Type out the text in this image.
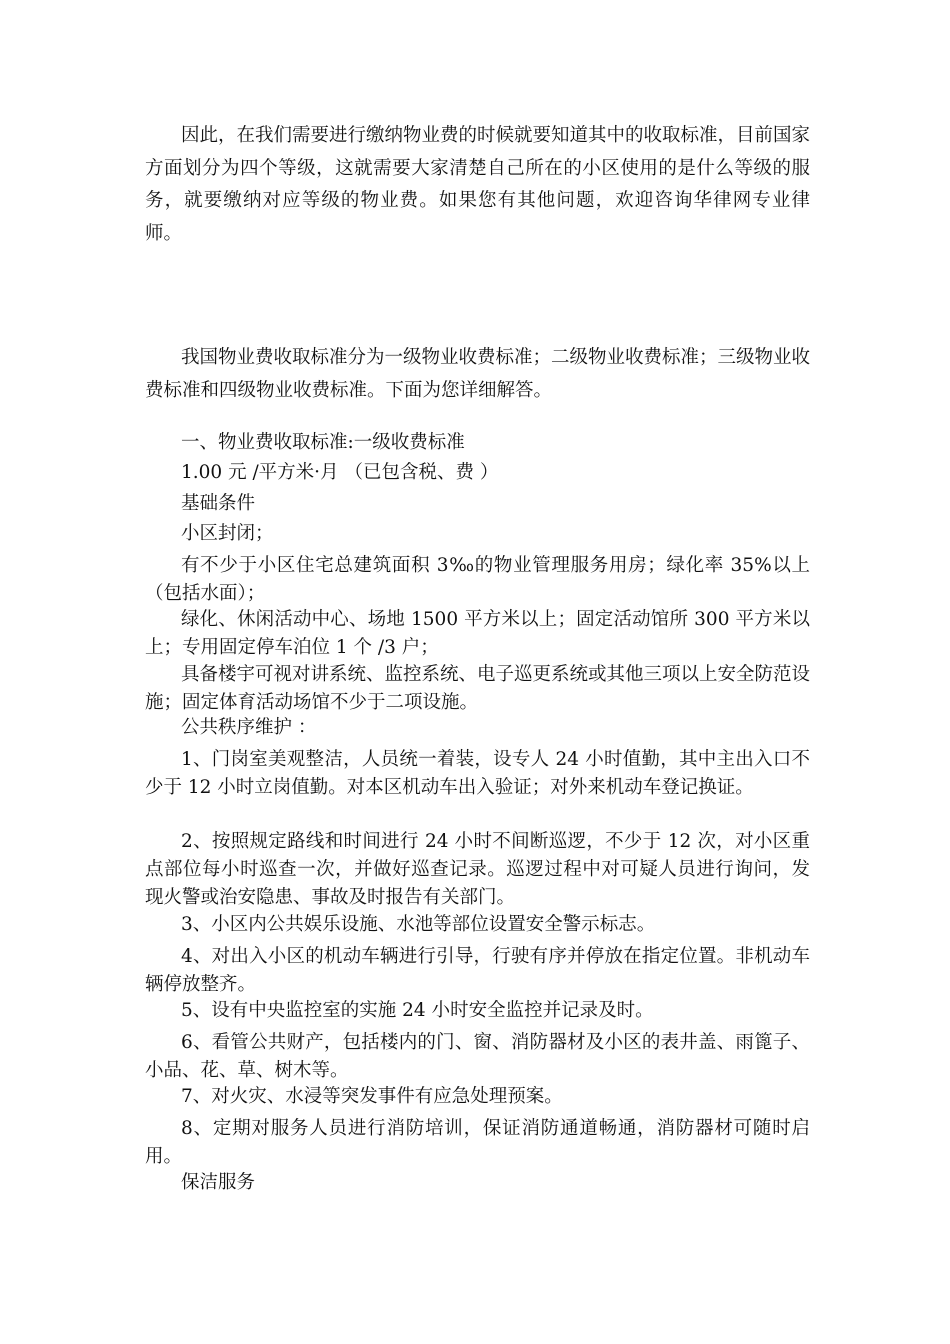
因此，在我们需要进行缴纳物业费的时候就要知道其中的收取标准，目前国家方面划分为四个等级，这就需要大家清楚自己所在的小区使用的是什么等级的服务，就要缴纳对应等级的物业费。如果您有其他问题，欢迎咨询华律网专业律师。

我国物业费收取标准分为一级物业收费标准；二级物业收费标准；三级物业收费标准和四级物业收费标准。下面为您详细解答。

一、物业费收取标准:一级收费标准

1.00 元 /平方米·月 （已包含税、费 ）

基础条件

小区封闭；

有不少于小区住宅总建筑面积 3‰的物业管理服务用房；绿化率 35%以上（包括水面）；

绿化、休闲活动中心、场地 1500 平方米以上；固定活动馆所 300 平方米以上；专用固定停车泊位 1 个 /3 户；

具备楼宇可视对讲系统、监控系统、电子巡更系统或其他三项以上安全防范设施；固定体育活动场馆不少于二项设施。

公共秩序维护 ：

1、门岗室美观整洁，人员统一着装，设专人 24 小时值勤，其中主出入口不少于 12 小时立岗值勤。对本区机动车出入验证；对外来机动车登记换证。

2、按照规定路线和时间进行 24 小时不间断巡逻，不少于 12 次，对小区重点部位每小时巡查一次，并做好巡查记录。巡逻过程中对可疑人员进行询问，发现火警或治安隐患、事故及时报告有关部门。

3、小区内公共娱乐设施、水池等部位设置安全警示标志。

4、对出入小区的机动车辆进行引导，行驶有序并停放在指定位置。非机动车辆停放整齐。

5、设有中央监控室的实施 24 小时安全监控并记录及时。

6、看管公共财产，包括楼内的门、窗、消防器材及小区的表井盖、雨篦子、小品、花、草、树木等。

7、对火灾、水浸等突发事件有应急处理预案。

8、定期对服务人员进行消防培训，保证消防通道畅通，消防器材可随时启用。

保洁服务
